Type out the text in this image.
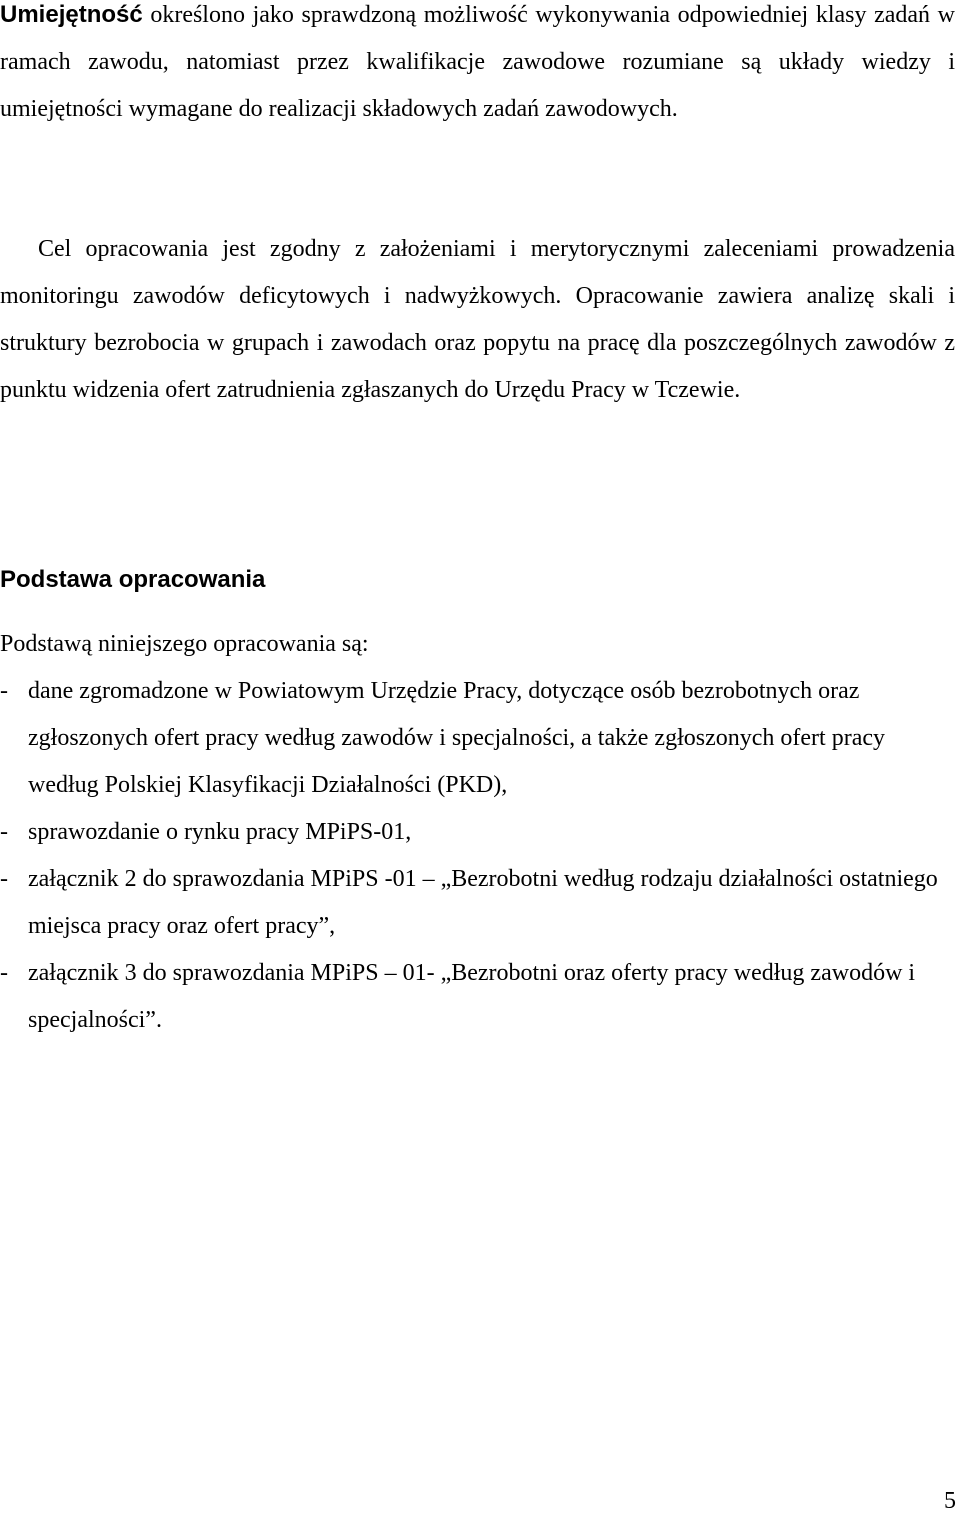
Umiejętność określono jako sprawdzoną możliwość wykonywania odpowiedniej klasy zadań w ramach zawodu, natomiast przez kwalifikacje zawodowe rozumiane są układy wiedzy i umiejętności wymagane do realizacji składowych zadań zawodowych.

Cel opracowania jest zgodny z założeniami i merytorycznymi zaleceniami prowadzenia monitoringu zawodów deficytowych i nadwyżkowych. Opracowanie zawiera analizę skali i struktury bezrobocia w grupach i zawodach oraz popytu na pracę dla poszczególnych zawodów z punktu widzenia ofert zatrudnienia zgłaszanych do Urzędu Pracy w Tczewie.

Podstawa opracowania

Podstawą niniejszego opracowania są:

- dane zgromadzone w Powiatowym Urzędzie Pracy, dotyczące osób bezrobotnych oraz zgłoszonych ofert pracy według zawodów i specjalności, a także zgłoszonych ofert pracy według Polskiej Klasyfikacji Działalności (PKD),
- sprawozdanie o rynku pracy MPiPS-01,
- załącznik 2 do sprawozdania MPiPS -01 – „Bezrobotni według rodzaju działalności ostatniego miejsca pracy oraz ofert pracy”,
- załącznik 3 do sprawozdania MPiPS – 01- „Bezrobotni oraz oferty pracy według zawodów i specjalności”.
5
